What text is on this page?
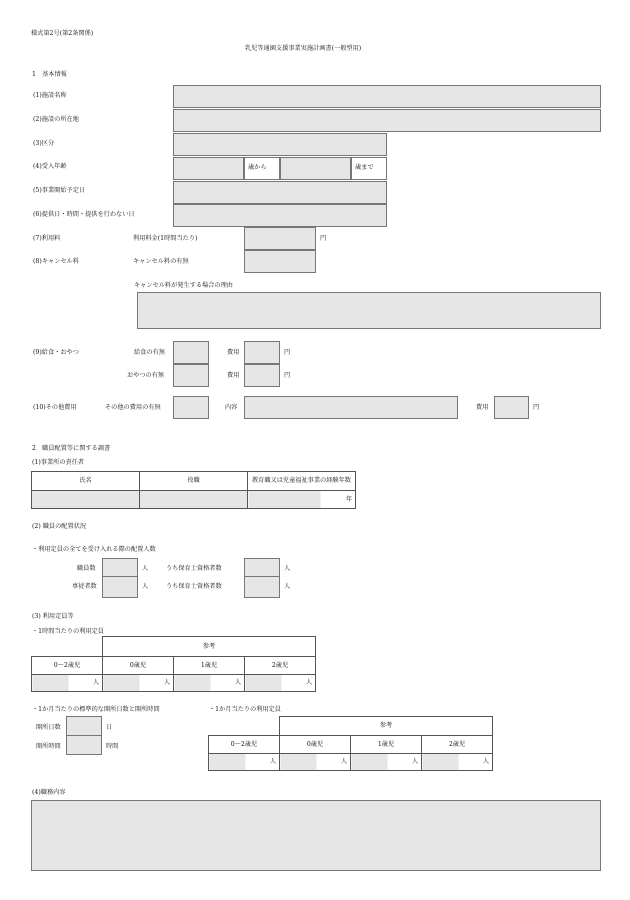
様式第2号(第2条関係)
乳児等通園支援事業実施計画書(一般型用)
1　基本情報
(1)施設名称
(2)施設の所在地
(3)区分
(4)受入年齢	歳から	歳まで
(5)事業開始予定日
(6)提供日・時間・提供を行わない日
(7)利用料	利用料金(1時間当たり)	円
(8)キャンセル料	キャンセル料の有無
キャンセル料が発生する場合の理由
(9)給食・おやつ	給食の有無	費用	円
おやつの有無	費用	円
(10)その他費用	その他の費用の有無	内容	費用	円
2　職員配置等に関する調書
(1)事業所の責任者
氏名	役職	教育職又は児童福祉事業の経験年数
		年
(2) 職員の配置状況
・利用定員の全てを受け入れる際の配置人数
職員数	人	うち保育士資格者数	人
専従者数	人	うち保育士資格者数	人
(3) 利用定員等
・1時間当たりの利用定員
	参考		
0～2歳児	0歳児	1歳児	2歳児
人	人	人	人
・1か月当たりの標準的な開所日数と開所時間
開所日数	日
開所時間	時間
・1か月当たりの利用定員
	参考		
0～2歳児	0歳児	1歳児	2歳児
人	人	人	人
(4)職務内容
